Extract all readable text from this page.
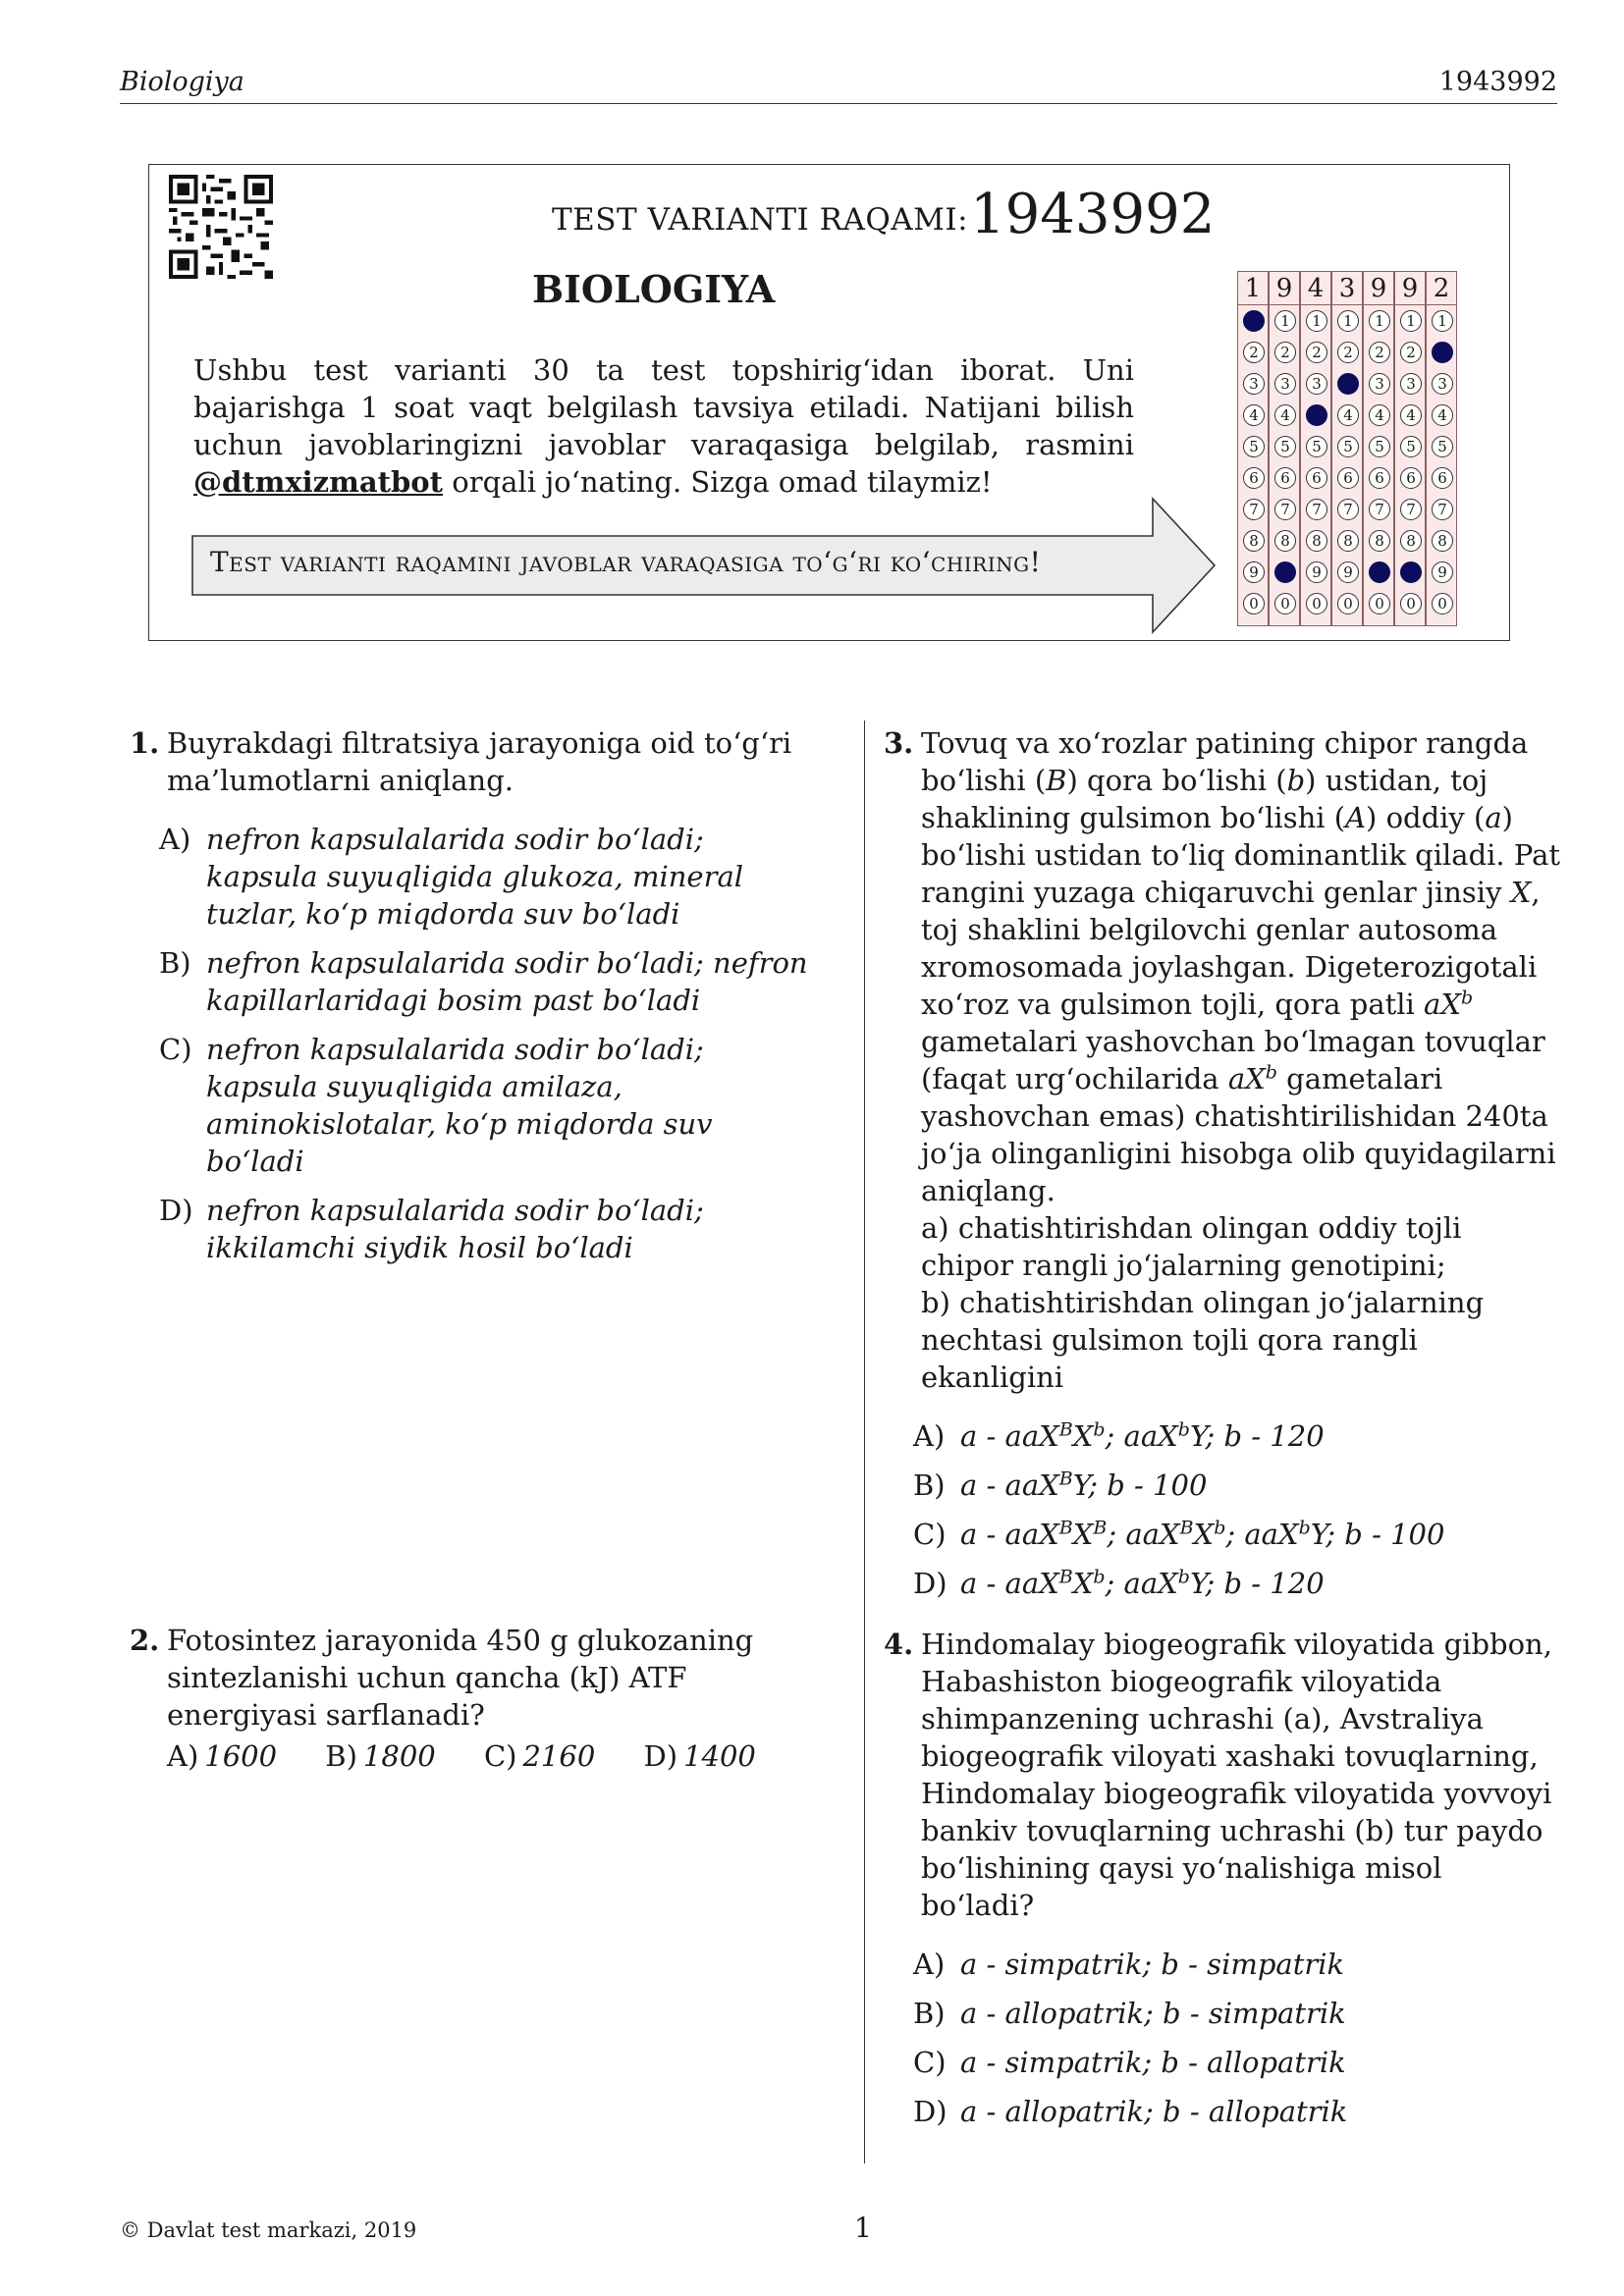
Biologiya	1943992
TEST VARIANTI RAQAMI: 1943992
BIOLOGIYA
Ushbu test varianti 30 ta test topshirig‘idan iborat. Uni bajarishga 1 soat vaqt belgilash tavsiya etiladi. Natijani bilish uchun javoblaringizni javoblar varaqasiga belgilab, rasmini @dtmxizmatbot orqali jo‘nating. Sizga omad tilaymiz!
Test varianti raqamini javoblar varaqasiga to‘g‘ri ko‘chiring!
1
2
3
4
5
6
7
8
9
0
9
1
2
3
4
5
6
7
8
0
4
1
2
3
5
6
7
8
9
0
3
1
2
4
5
6
7
8
9
0
9
1
2
3
4
5
6
7
8
0
9
1
2
3
4
5
6
7
8
0
2
1
3
4
5
6
7
8
9
0
1. Buyrakdagi filtratsiya jarayoniga oid to‘g‘ri ma’lumotlarni aniqlang.
A) nefron kapsulalarida sodir bo‘ladi; kapsula suyuqligida glukoza, mineral tuzlar, ko‘p miqdorda suv bo‘ladi
B) nefron kapsulalarida sodir bo‘ladi; nefron kapillarlaridagi bosim past bo‘ladi
C) nefron kapsulalarida sodir bo‘ladi; kapsula suyuqligida amilaza, aminokislotalar, ko‘p miqdorda suv bo‘ladi
D) nefron kapsulalarida sodir bo‘ladi; ikkilamchi siydik hosil bo‘ladi
2. Fotosintez jarayonida 450 g glukozaning sintezlanishi uchun qancha (kJ) ATF energiyasi sarflanadi?
A) 1600 B) 1800 C) 2160 D) 1400
3. Tovuq va xo‘rozlar patining chipor rangda bo‘lishi (B) qora bo‘lishi (b) ustidan, toj shaklining gulsimon bo‘lishi (A) oddiy (a) bo‘lishi ustidan to‘liq dominantlik qiladi. Pat rangini yuzaga chiqaruvchi genlar jinsiy X, toj shaklini belgilovchi genlar autosoma xromosomada joylashgan. Digeterozigotali xo‘roz va gulsimon tojli, qora patli $aX^b$ gametalari yashovchan bo‘lmagan tovuqlar (faqat urg‘ochilarida $aX^b$ gametalari yashovchan emas) chatishtirilishidan 240ta jo‘ja olinganligini hisobga olib quyidagilarni aniqlang.
a) chatishtirishdan olingan oddiy tojli chipor rangli jo‘jalarning genotipini;
b) chatishtirishdan olingan jo‘jalarning nechtasi gulsimon tojli qora rangli ekanligini
A) a - $aaX^BX^b$; aaX$^b$Y; b - 120
B) a - aaX$^B$Y; b - 100
C) a - $aaX^BX^B$; $aaX^BX^b$; aaX$^b$Y; b - 100
D) a - $aaX^BX^b$; aaX$^b$Y; b - 120
4. Hindomalay biogeografik viloyatida gibbon, Habashiston biogeografik viloyatida shimpanzening uchrashi (a), Avstraliya biogeografik viloyati xashaki tovuqlarning, Hindomalay biogeografik viloyatida yovvoyi bankiv tovuqlarning uchrashi (b) tur paydo bo‘lishining qaysi yo‘nalishiga misol bo‘ladi?
A) a - simpatrik; b - simpatrik
B) a - allopatrik; b - simpatrik
C) a - simpatrik; b - allopatrik
D) a - allopatrik; b - allopatrik
© Davlat test markazi, 2019	1
